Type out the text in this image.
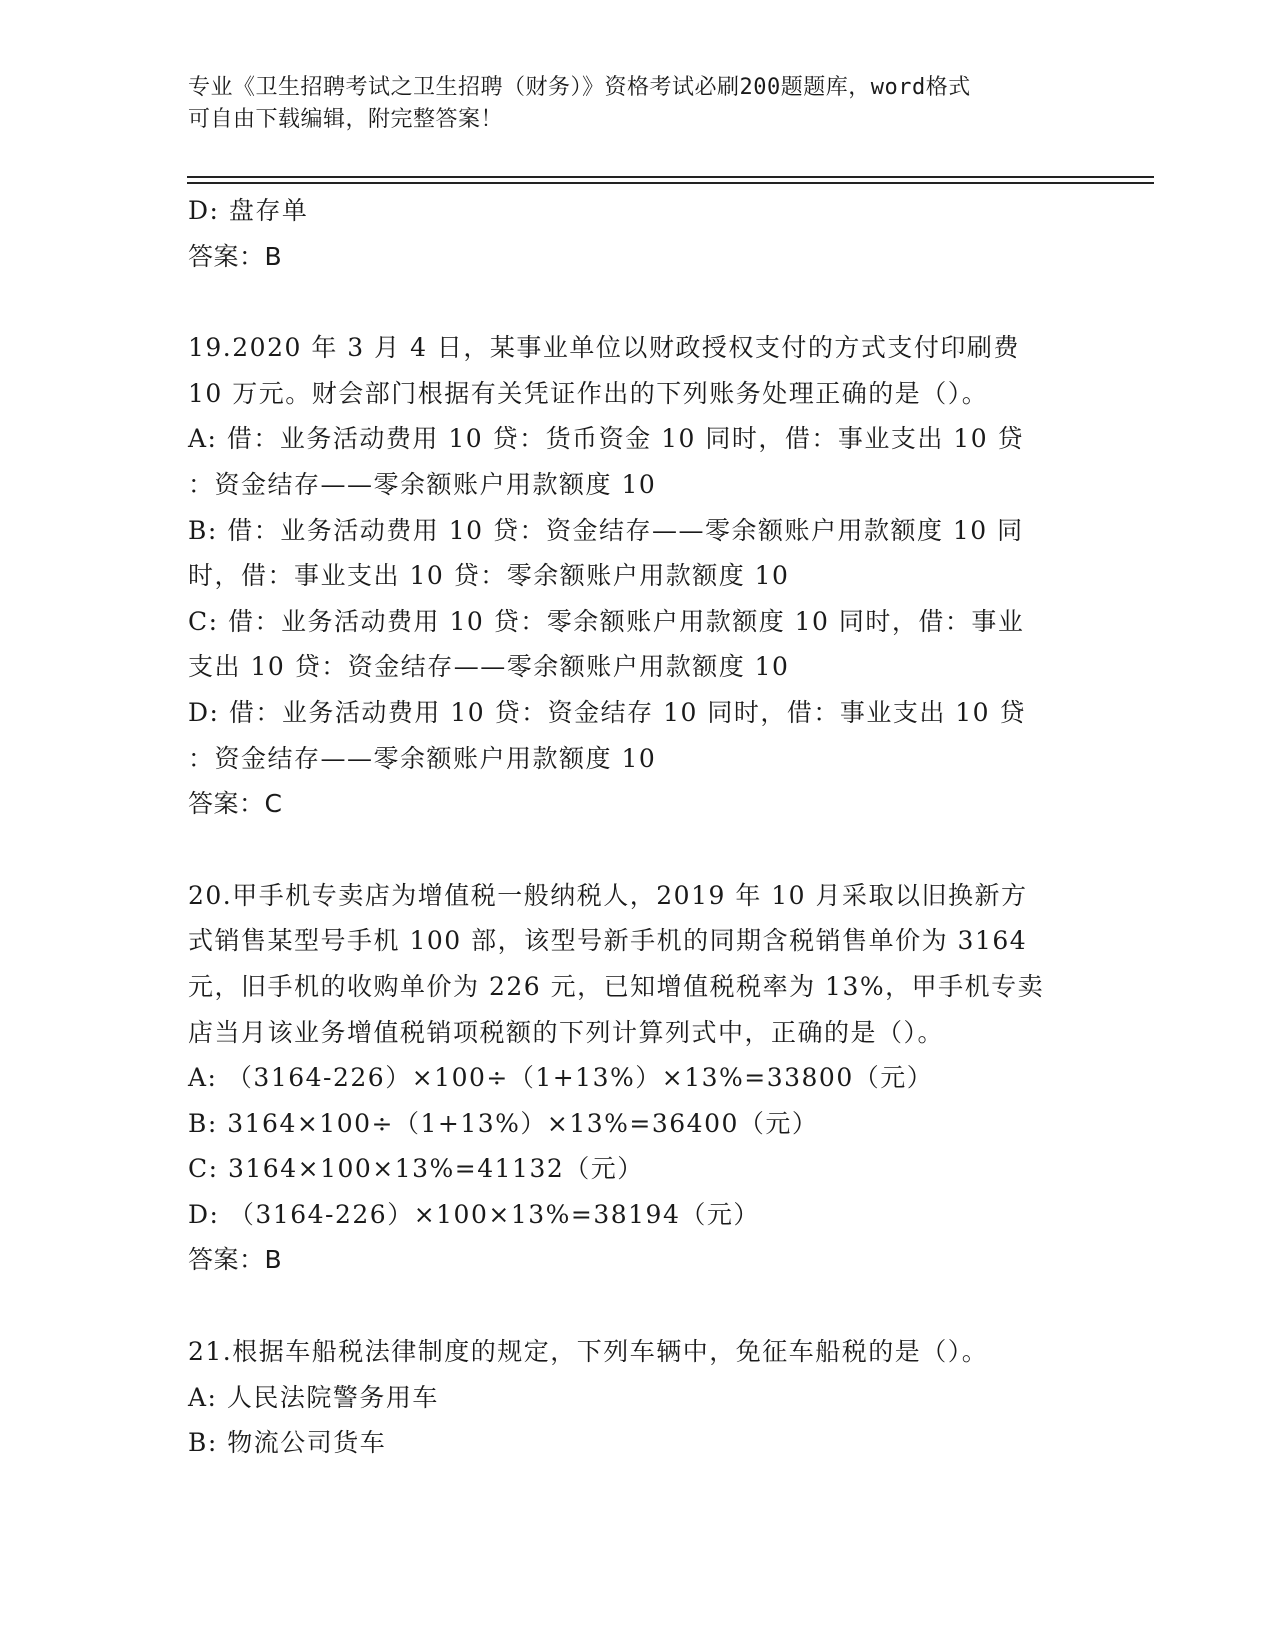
专业《卫生招聘考试之卫生招聘（财务）》资格考试必刷200题题库，word格式
可自由下载编辑，附完整答案！
D: 盘存单
答案：B
19.2020 年 3 月 4 日，某事业单位以财政授权支付的方式支付印刷费
10 万元。财会部门根据有关凭证作出的下列账务处理正确的是（）。
A: 借：业务活动费用 10 贷：货币资金 10 同时，借：事业支出 10 贷
：资金结存——零余额账户用款额度 10
B: 借：业务活动费用 10 贷：资金结存——零余额账户用款额度 10 同
时，借：事业支出 10 贷：零余额账户用款额度 10
C: 借：业务活动费用 10 贷：零余额账户用款额度 10 同时，借：事业
支出 10 贷：资金结存——零余额账户用款额度 10
D: 借：业务活动费用 10 贷：资金结存 10 同时，借：事业支出 10 贷
：资金结存——零余额账户用款额度 10
答案：C
20.甲手机专卖店为增值税一般纳税人，2019 年 10 月采取以旧换新方
式销售某型号手机 100 部，该型号新手机的同期含税销售单价为 3164
元，旧手机的收购单价为 226 元，已知增值税税率为 13%，甲手机专卖
店当月该业务增值税销项税额的下列计算列式中，正确的是（）。
A: （3164-226）×100÷（1+13%）×13%=33800（元）
B: 3164×100÷（1+13%）×13%=36400（元）
C: 3164×100×13%=41132（元）
D: （3164-226）×100×13%=38194（元）
答案：B
21.根据车船税法律制度的规定，下列车辆中，免征车船税的是（）。
A: 人民法院警务用车
B: 物流公司货车
